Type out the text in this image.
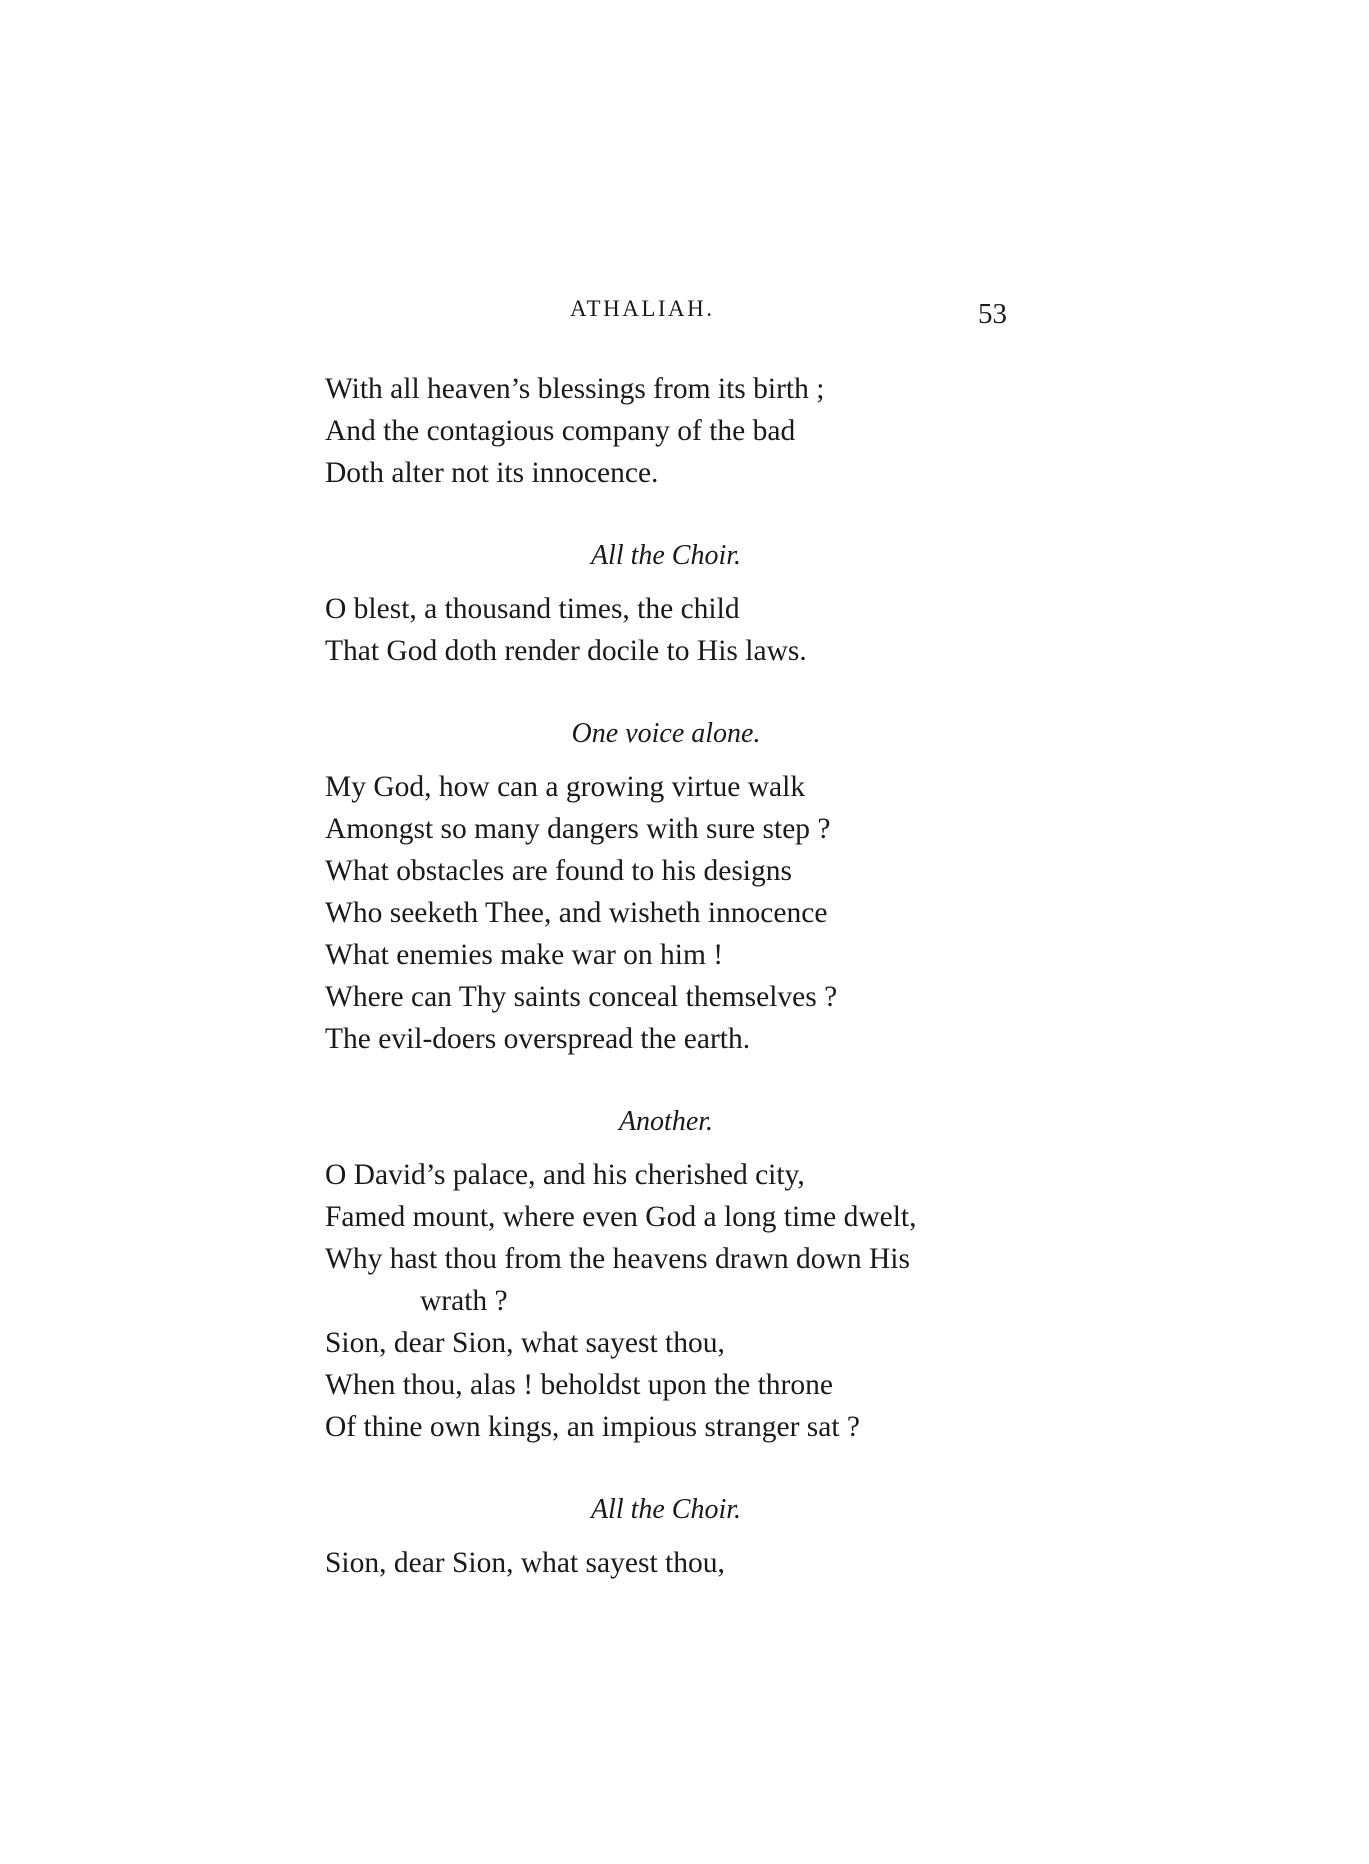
ATHALIAH.	53
With all heaven’s blessings from its birth ;
And the contagious company of the bad
Doth alter not its innocence.
All the Choir.
O blest, a thousand times, the child
That God doth render docile to His laws.
One voice alone.
My God, how can a growing virtue walk
Amongst so many dangers with sure step ?
What obstacles are found to his designs
Who seeketh Thee, and wisheth innocence
What enemies make war on him !
Where can Thy saints conceal themselves ?
The evil-doers overspread the earth.
Another.
O David’s palace, and his cherished city,
Famed mount, where even God a long time dwelt,
Why hast thou from the heavens drawn down His
wrath ?
Sion, dear Sion, what sayest thou,
When thou, alas ! beholdst upon the throne
Of thine own kings, an impious stranger sat ?
All the Choir.
Sion, dear Sion, what sayest thou,
